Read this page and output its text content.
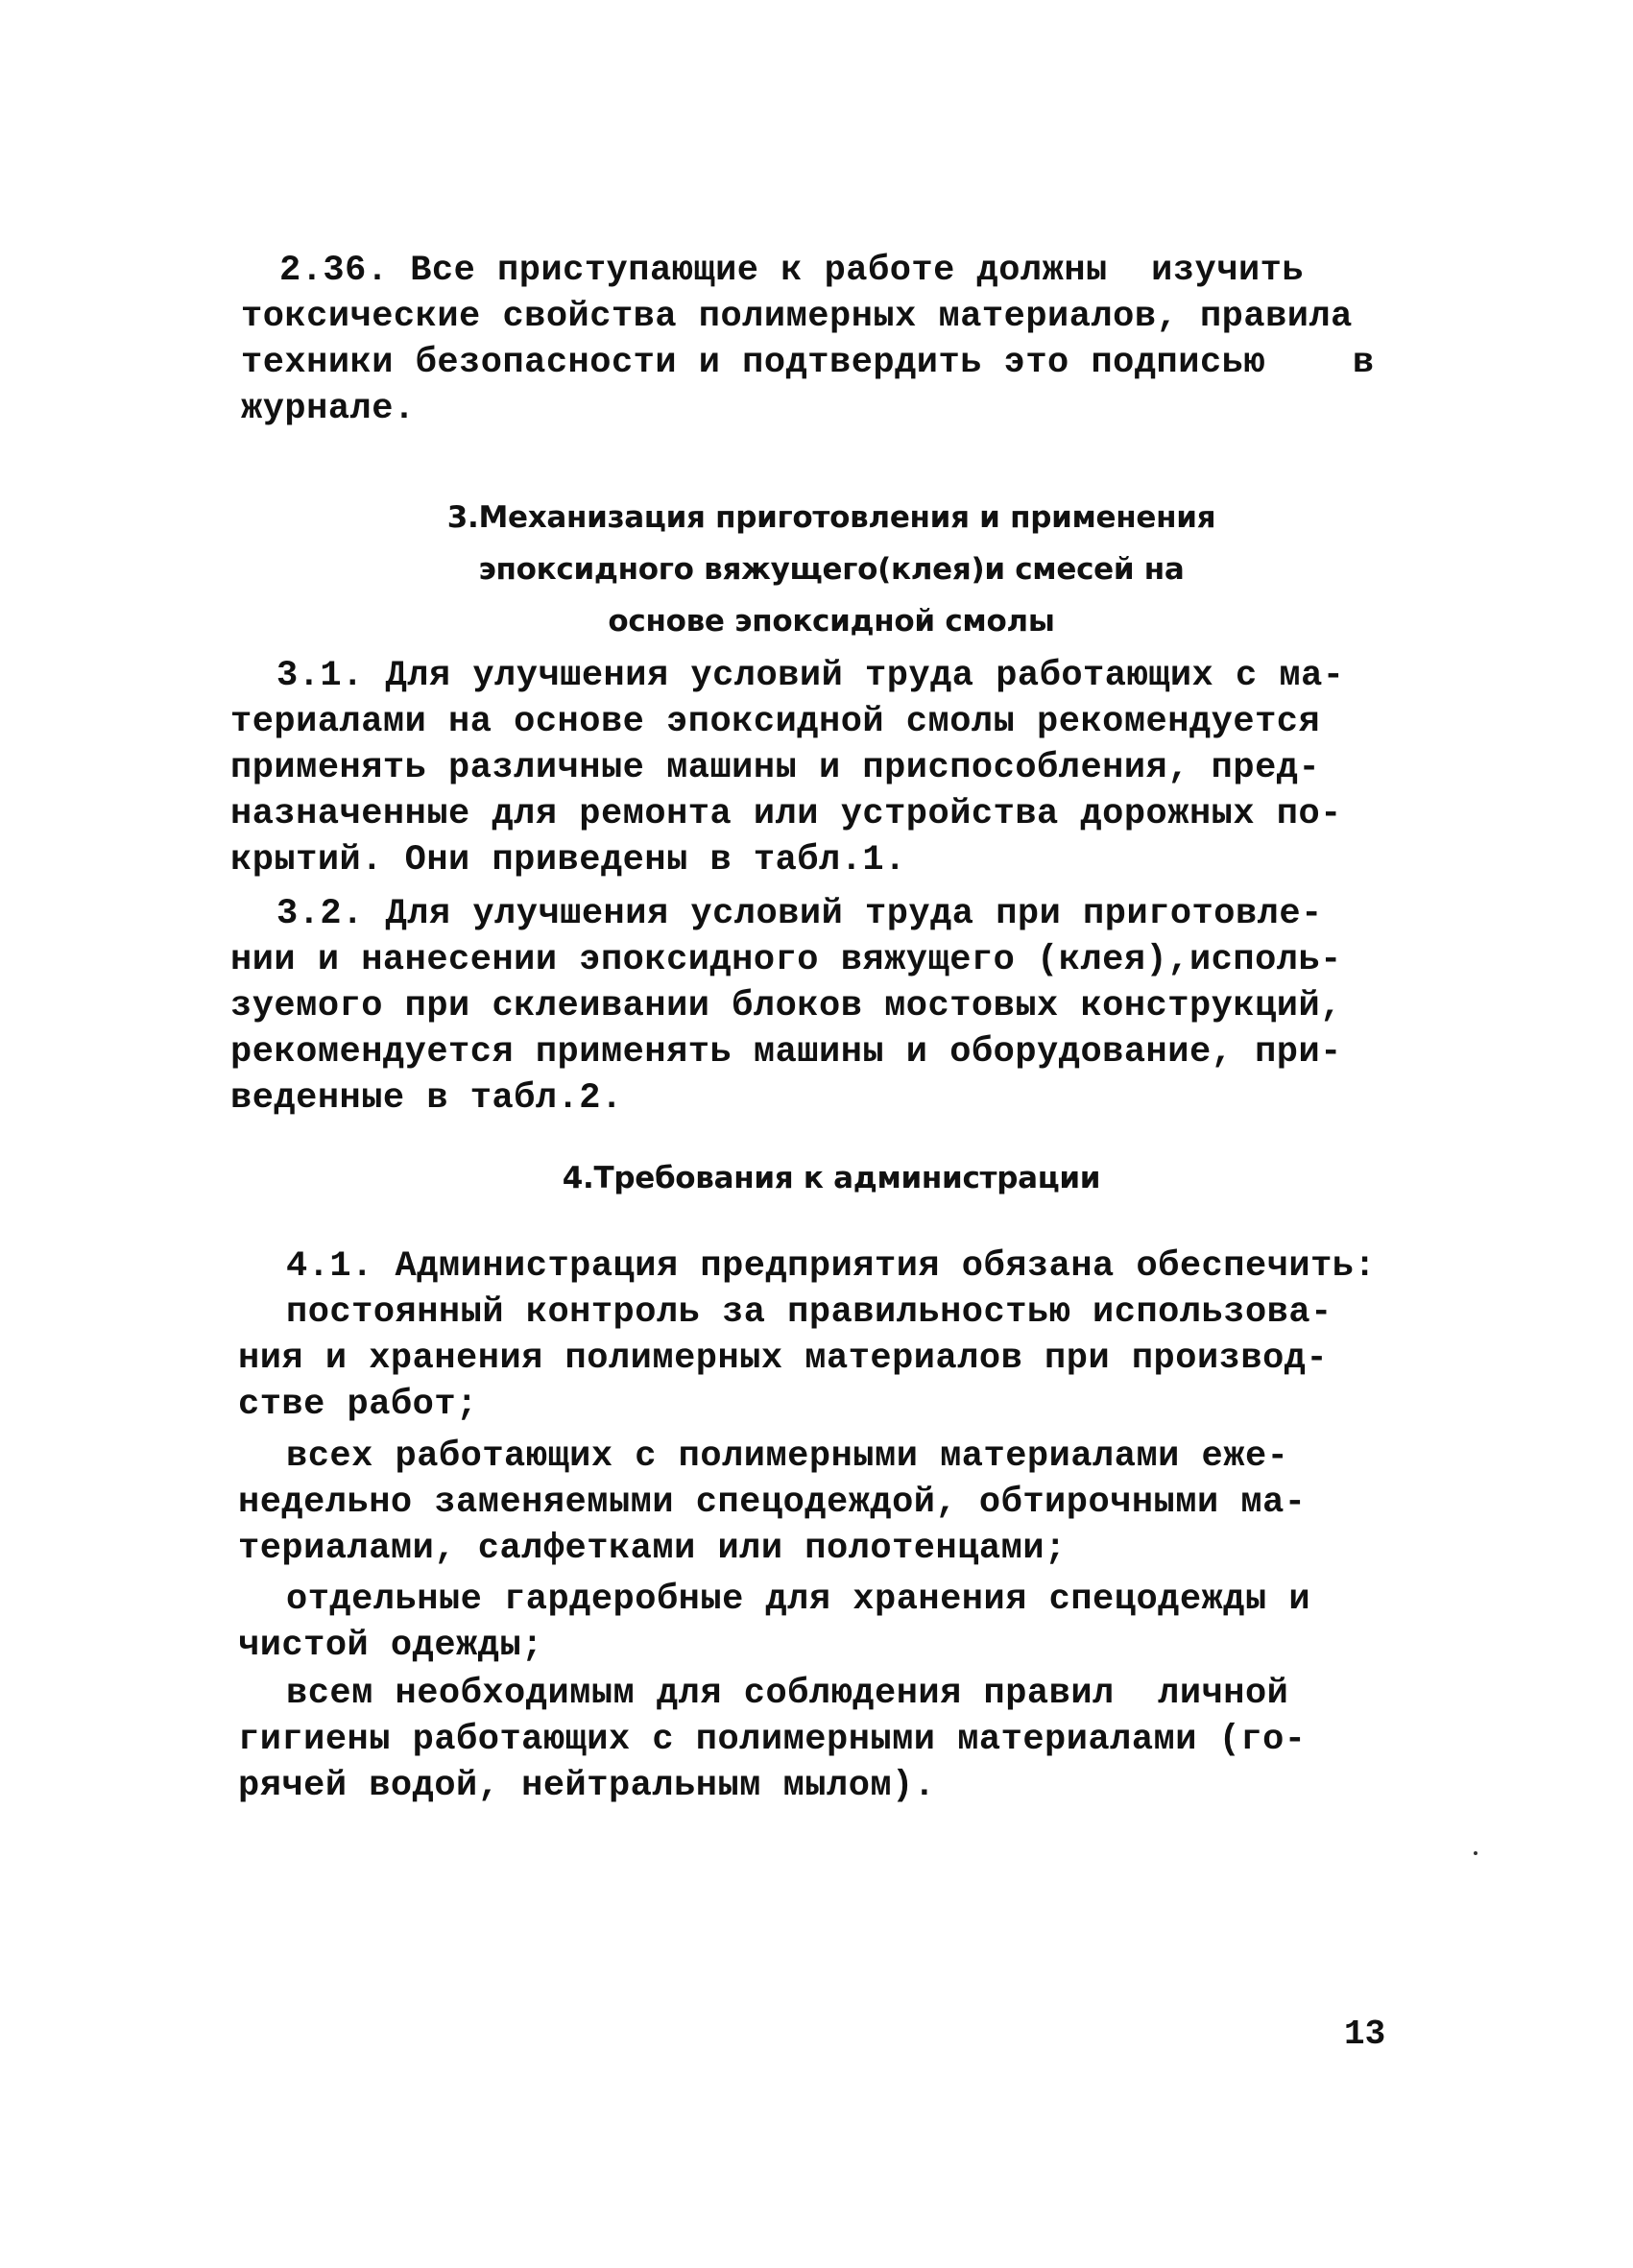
2.36. Все приступающие к работе должны  изучить
токсические свойства полимерных материалов, правила
техники безопасности и подтвердить это подписью    в
журнале.
3.Механизация приготовления и применения
эпоксидного вяжущего(клея)и смесей на
основе эпоксидной смолы
3.1. Для улучшения условий труда работающих с ма-
териалами на основе эпоксидной смолы рекомендуется
применять различные машины и приспособления, пред-
назначенные для ремонта или устройства дорожных по-
крытий. Они приведены в табл.1.
3.2. Для улучшения условий труда при приготовле-
нии и нанесении эпоксидного вяжущего (клея),исполь-
зуемого при склеивании блоков мостовых конструкций,
рекомендуется применять машины и оборудование, при-
веденные в табл.2.
4.Требования к администрации
4.1. Администрация предприятия обязана обеспечить:
постоянный контроль за правильностью использова-
ния и хранения полимерных материалов при производ-
стве работ;
всех работающих с полимерными материалами еже-
недельно заменяемыми спецодеждой, обтирочными ма-
териалами, салфетками или полотенцами;
отдельные гардеробные для хранения спецодежды и
чистой одежды;
всем необходимым для соблюдения правил  личной
гигиены работающих с полимерными материалами (го-
рячей водой, нейтральным мылом).
13
